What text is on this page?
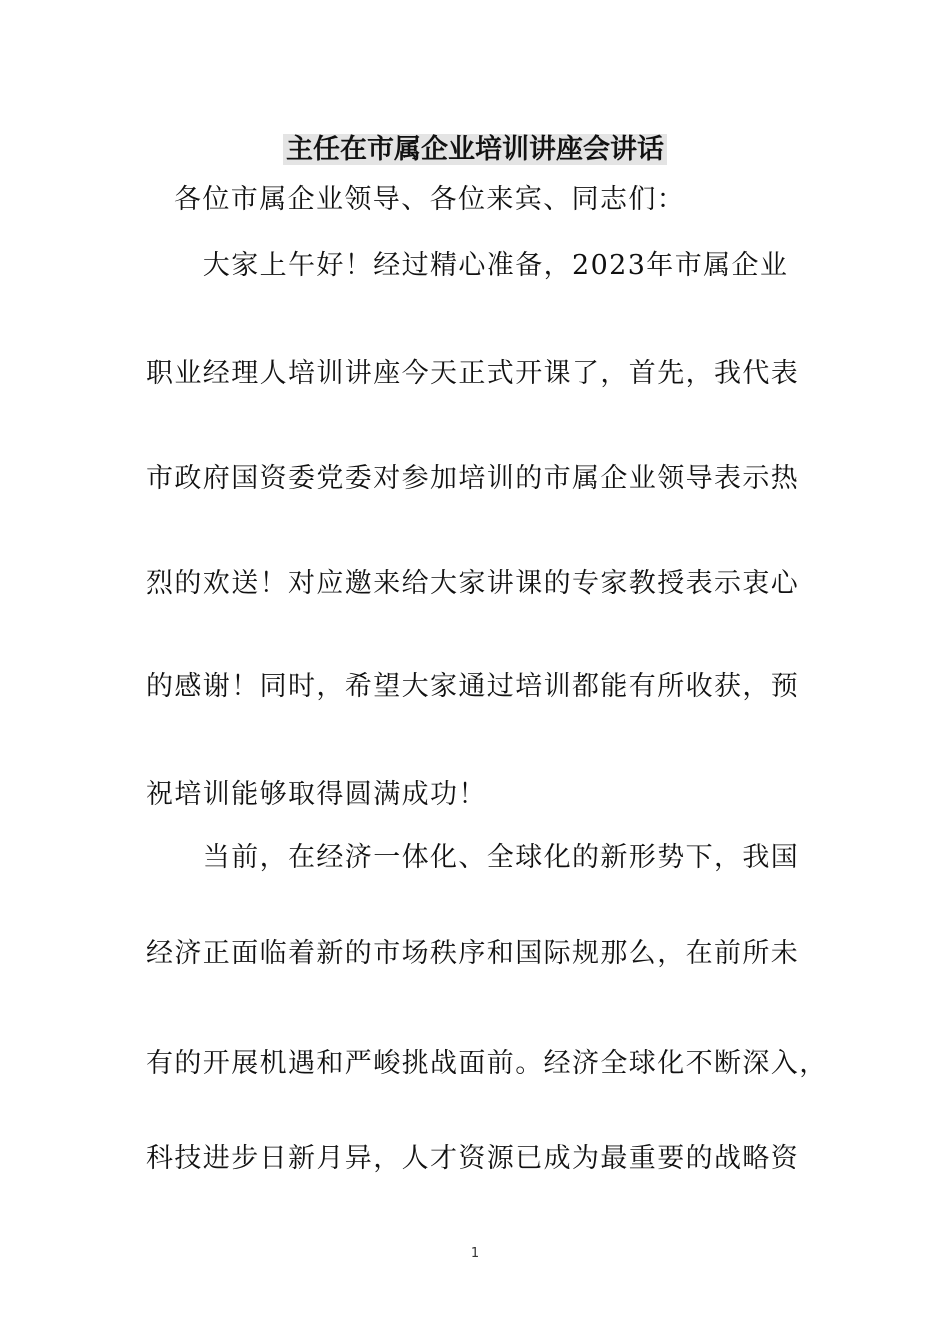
主任在市属企业培训讲座会讲话
各位市属企业领导、各位来宾、同志们：
　　大家上午好！经过精心准备，2023年市属企业
职业经理人培训讲座今天正式开课了，首先，我代表
市政府国资委党委对参加培训的市属企业领导表示热
烈的欢送！对应邀来给大家讲课的专家教授表示衷心
的感谢！同时，希望大家通过培训都能有所收获，预
祝培训能够取得圆满成功！
　　当前，在经济一体化、全球化的新形势下，我国
经济正面临着新的市场秩序和国际规那么，在前所未
有的开展机遇和严峻挑战面前。经济全球化不断深入，
科技进步日新月异，人才资源已成为最重要的战略资
1
